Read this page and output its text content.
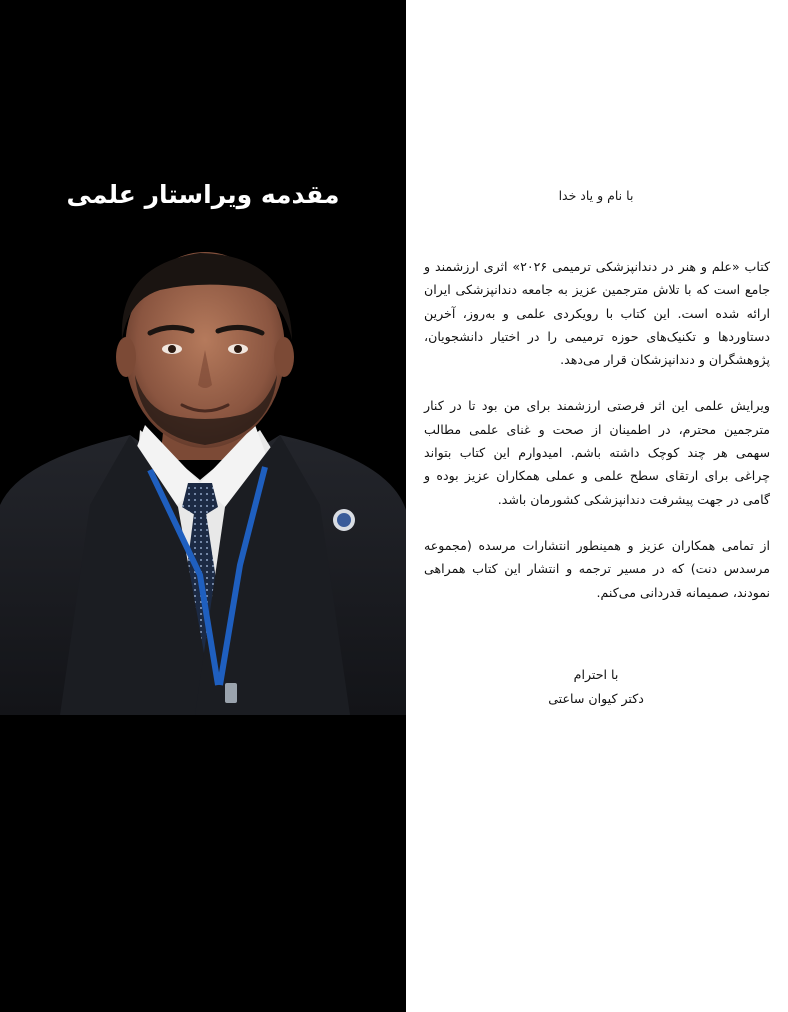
مقدمه ویراستار علمی	با نام و یاد خدا

کتاب «علم و هنر در دندانپزشکی ترمیمی ۲۰۲۶» اثری ارزشمند و جامع است که با تلاش مترجمین عزیز به جامعه دندانپزشکی ایران ارائه شده است. این کتاب با رویکردی علمی و به‌روز، آخرین دستاوردها و تکنیک‌های حوزه ترمیمی را در اختیار دانشجویان، پژوهشگران و دندانپزشکان قرار می‌دهد.

ویرایش علمی این اثر فرصتی ارزشمند برای من بود تا در کنار مترجمین محترم، در اطمینان از صحت و غنای علمی مطالب سهمی هر چند کوچک داشته باشم. امیدوارم این کتاب بتواند چراغی برای ارتقای سطح علمی و عملی همکاران عزیز بوده و گامی در جهت پیشرفت دندانپزشکی کشورمان باشد.

از تمامی همکاران عزیز و همینطور انتشارات مرسده (مجموعه مرسدس دنت) که در مسیر ترجمه و انتشار این کتاب همراهی نمودند، صمیمانه قدردانی می‌کنم.

با احترام
دکتر کیوان ساعتی
